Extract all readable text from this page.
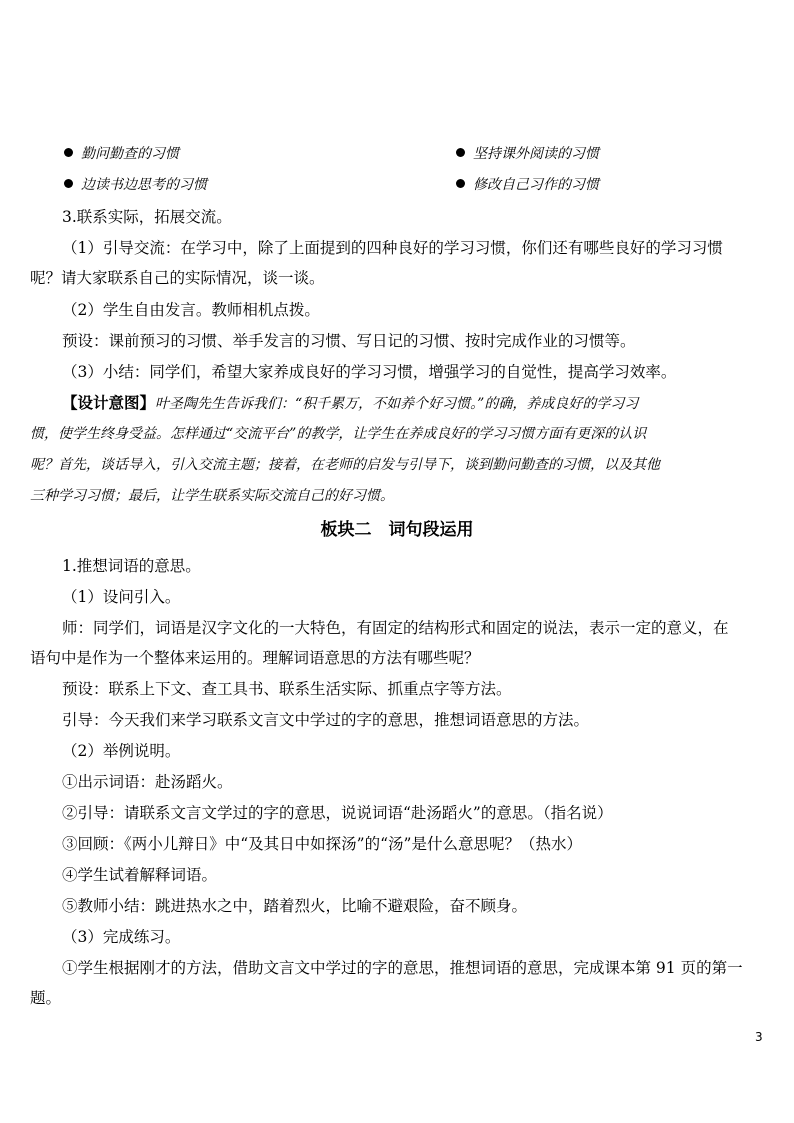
勤问勤查的习惯	坚持课外阅读的习惯
边读书边思考的习惯	修改自己习作的习惯
3.联系实际，拓展交流。
（1）引导交流：在学习中，除了上面提到的四种良好的学习习惯，你们还有哪些良好的学习习惯
呢？请大家联系自己的实际情况，谈一谈。
（2）学生自由发言。教师相机点拨。
预设：课前预习的习惯、举手发言的习惯、写日记的习惯、按时完成作业的习惯等。
（3）小结：同学们，希望大家养成良好的学习习惯，增强学习的自觉性，提高学习效率。
【设计意图】叶圣陶先生告诉我们：“积千累万，不如养个好习惯。”的确，养成良好的学习习
惯，使学生终身受益。怎样通过“交流平台”的教学，让学生在养成良好的学习习惯方面有更深的认识
呢？首先，谈话导入，引入交流主题；接着，在老师的启发与引导下，谈到勤问勤查的习惯，以及其他
三种学习习惯；最后，让学生联系实际交流自己的好习惯。
板块二　词句段运用
1.推想词语的意思。
（1）设问引入。
师：同学们，词语是汉字文化的一大特色，有固定的结构形式和固定的说法，表示一定的意义，在
语句中是作为一个整体来运用的。理解词语意思的方法有哪些呢？
预设：联系上下文、查工具书、联系生活实际、抓重点字等方法。
引导：今天我们来学习联系文言文中学过的字的意思，推想词语意思的方法。
（2）举例说明。
①出示词语：赴汤蹈火。
②引导：请联系文言文学过的字的意思，说说词语“赴汤蹈火”的意思。（指名说）
③回顾：《两小儿辩日》中“及其日中如探汤”的“汤”是什么意思呢？（热水）
④学生试着解释词语。
⑤教师小结：跳进热水之中，踏着烈火，比喻不避艰险，奋不顾身。
（3）完成练习。
①学生根据刚才的方法，借助文言文中学过的字的意思，推想词语的意思，完成课本第 91 页的第一
题。
3
